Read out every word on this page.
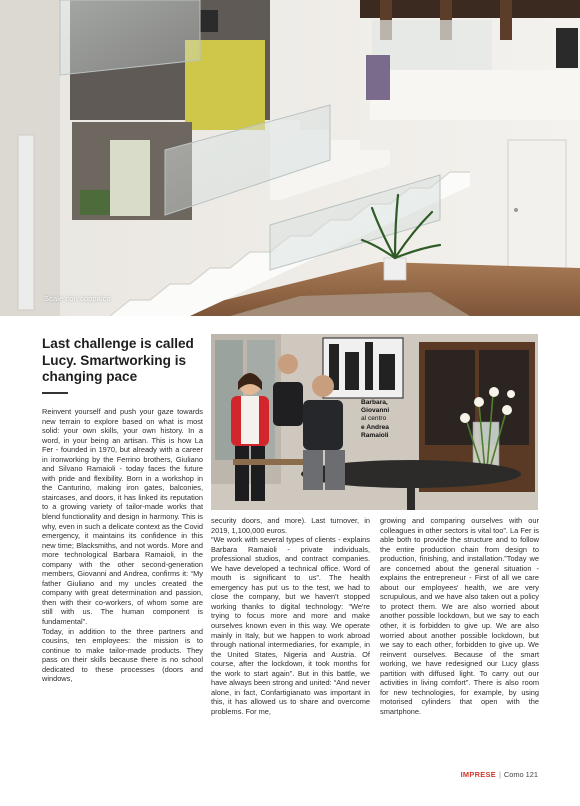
Scale con soppalco
Last challenge is called Lucy. Smartworking is changing pace

Reinvent yourself and push your gaze towards new terrain to explore based on what is most solid: your own skills, your own history. In a word, in your being an artisan. This is how La Fer - founded in 1970, but already with a career in ironworking by the Ferrino brothers, Giuliano and Silvano Ramaioli - today faces the future with pride and flexibility. Born in a workshop in the Canturino, making iron gates, balconies, staircases, and doors, it has linked its reputation to a growing variety of tailor-made works that blend functionality and design in harmony. This is why, even in such a delicate context as the Covid emergency, it maintains its confidence in this new time; Blacksmiths, and not words. More and more technological Barbara Ramaioli, in the company with the other second-generation members, Giovanni and Andrea, confirms it: “My father Giuliano and my uncles created the company with great determination and passion, then with their co-workers, of whom some are still with us. The human component is fundamental”.

Today, in addition to the three partners and cousins, ten employees: the mission is to continue to make tailor-made products. They pass on their skills because there is no school dedicated to these processes (doors and windows,

Barbara,
Giovanni
al centro
e Andrea
Ramaioli

security doors, and more). Last turnover, in 2019, 1,100,000 euros.

“We work with several types of clients - explains Barbara Ramaioli - private individuals, professional studios, and contract companies. We have developed a technical office. Word of mouth is significant to us”. The health emergency has put us to the test, we had to close the company, but we haven't stopped working thanks to digital technology: “We're trying to focus more and more and make ourselves known even in this way. We operate mainly in Italy, but we happen to work abroad through national intermediaries, for example, in the United States, Nigeria and Austria. Of course, after the lockdown, it took months for the work to start again”. But in this battle, we have always been strong and united: “And never alone, in fact, Confartigianato was important in this, it has allowed us to share and overcome problems. For me,

growing and comparing ourselves with our colleagues in other sectors is vital too”. La Fer is able both to provide the structure and to follow the entire production chain from design to production, finishing, and installation.”Today we are concerned about the general situation - explains the entrepreneur - First of all we care about our employees' health, we are very scrupulous, and we have also taken out a policy to protect them. We are also worried about another possible lockdown, but we say to each other, it is forbidden to give up. We are also worried about another possible lockdown, but we say to each other, forbidden to give up. We reinvent ourselves. Because of the smart working, we have redesigned our Lucy glass partition with diffused light. To carry out our activities in living comfort”. There is also room for new technologies, for example, by using motorised cylinders that open with the smartphone.

IMPRESE | Como 121
